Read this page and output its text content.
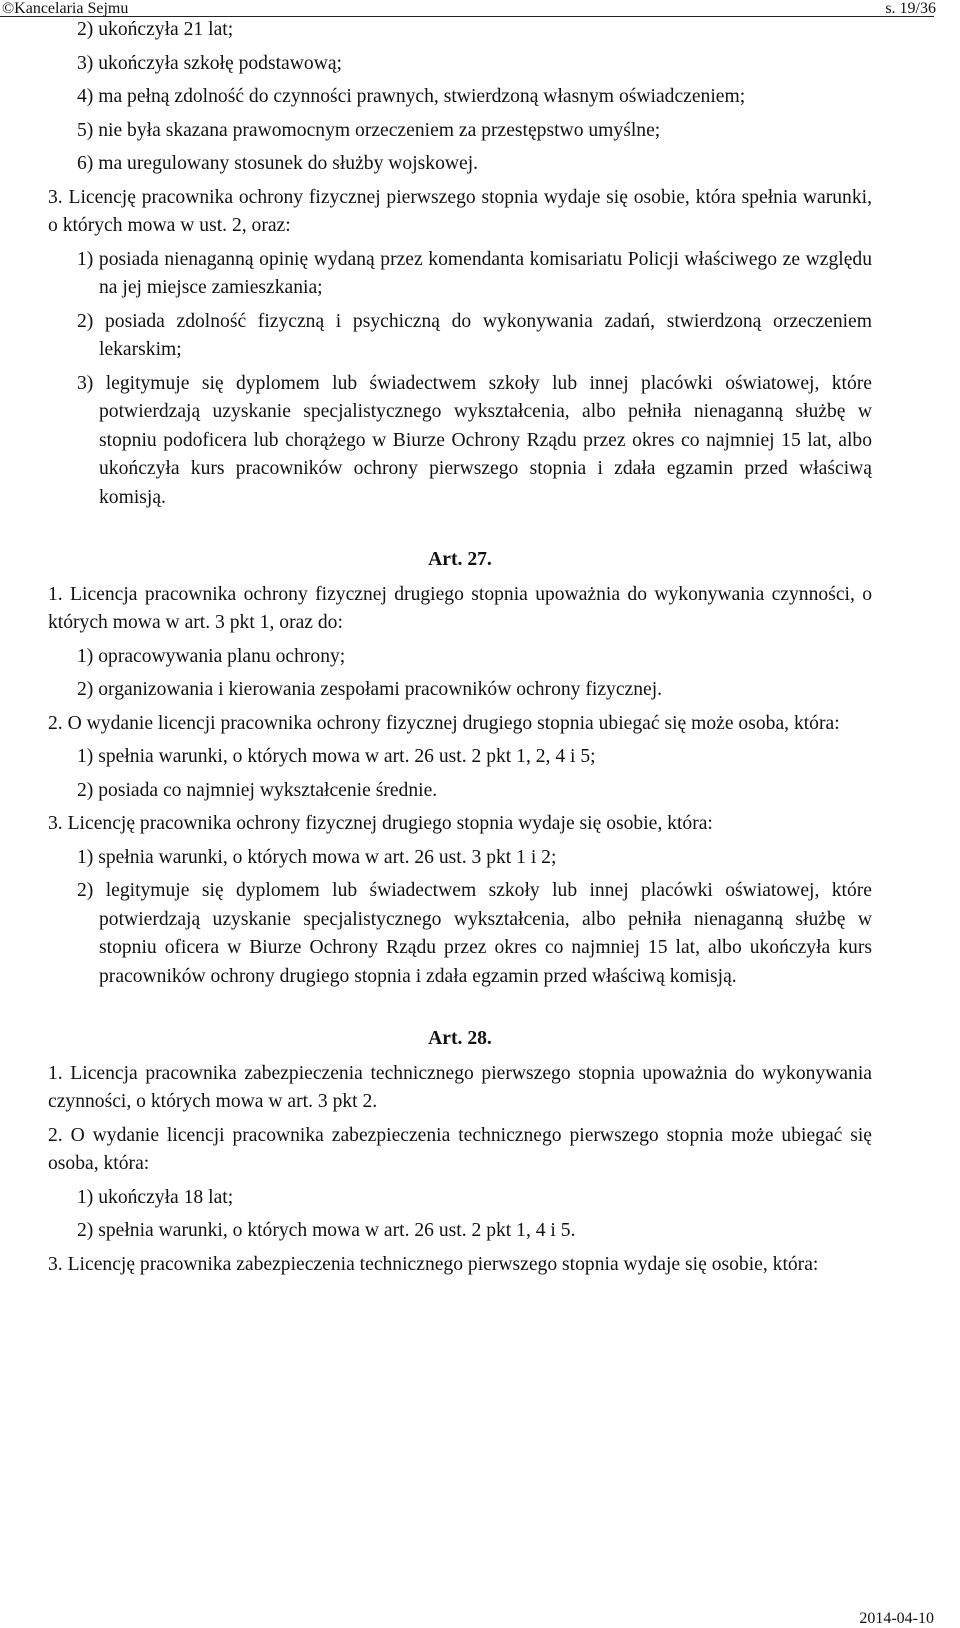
©Kancelaria Sejmu	s. 19/36
2) ukończyła 21 lat;
3) ukończyła szkołę podstawową;
4) ma pełną zdolność do czynności prawnych, stwierdzoną własnym oświadczeniem;
5) nie była skazana prawomocnym orzeczeniem za przestępstwo umyślne;
6) ma uregulowany stosunek do służby wojskowej.
3. Licencję pracownika ochrony fizycznej pierwszego stopnia wydaje się osobie, która spełnia warunki, o których mowa w ust. 2, oraz:
1) posiada nienaganną opinię wydaną przez komendanta komisariatu Policji właściwego ze względu na jej miejsce zamieszkania;
2) posiada zdolność fizyczną i psychiczną do wykonywania zadań, stwierdzoną orzeczeniem lekarskim;
3) legitymuje się dyplomem lub świadectwem szkoły lub innej placówki oświatowej, które potwierdzają uzyskanie specjalistycznego wykształcenia, albo pełniła nienaganną służbę w stopniu podoficera lub chorążego w Biurze Ochrony Rządu przez okres co najmniej 15 lat, albo ukończyła kurs pracowników ochrony pierwszego stopnia i zdała egzamin przed właściwą komisją.
Art. 27.
1. Licencja pracownika ochrony fizycznej drugiego stopnia upoważnia do wykonywania czynności, o których mowa w art. 3 pkt 1, oraz do:
1) opracowywania planu ochrony;
2) organizowania i kierowania zespołami pracowników ochrony fizycznej.
2. O wydanie licencji pracownika ochrony fizycznej drugiego stopnia ubiegać się może osoba, która:
1) spełnia warunki, o których mowa w art. 26 ust. 2 pkt 1, 2, 4 i 5;
2) posiada co najmniej wykształcenie średnie.
3. Licencję pracownika ochrony fizycznej drugiego stopnia wydaje się osobie, która:
1) spełnia warunki, o których mowa w art. 26 ust. 3 pkt 1 i 2;
2) legitymuje się dyplomem lub świadectwem szkoły lub innej placówki oświatowej, które potwierdzają uzyskanie specjalistycznego wykształcenia, albo pełniła nienaganną służbę w stopniu oficera w Biurze Ochrony Rządu przez okres co najmniej 15 lat, albo ukończyła kurs pracowników ochrony drugiego stopnia i zdała egzamin przed właściwą komisją.
Art. 28.
1. Licencja pracownika zabezpieczenia technicznego pierwszego stopnia upoważnia do wykonywania czynności, o których mowa w art. 3 pkt 2.
2. O wydanie licencji pracownika zabezpieczenia technicznego pierwszego stopnia może ubiegać się osoba, która:
1) ukończyła 18 lat;
2) spełnia warunki, o których mowa w art. 26 ust. 2 pkt 1, 4 i 5.
3. Licencję pracownika zabezpieczenia technicznego pierwszego stopnia wydaje się osobie, która:
2014-04-10
